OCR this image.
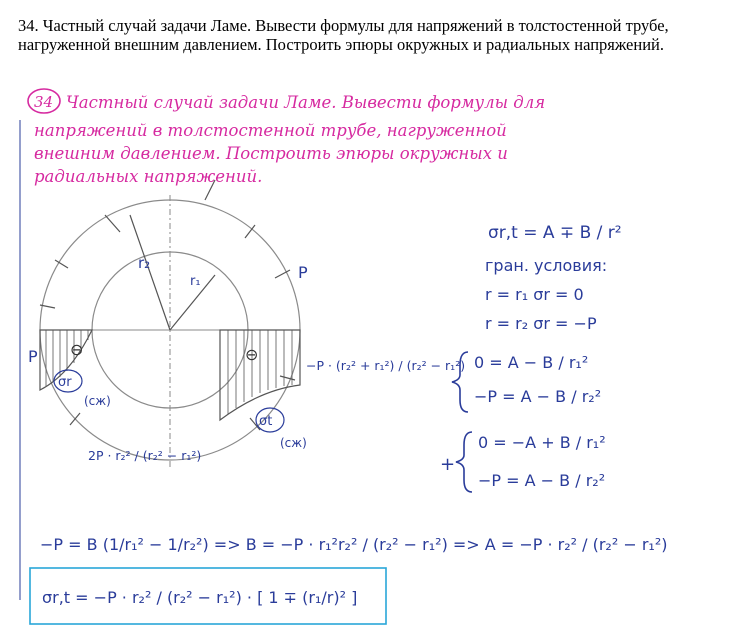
34. Частный случай задачи Ламе. Вывести формулы для напряжений в толстостенной трубе, нагруженной внешним давлением. Построить эпюры окружных и радиальных напряжений.
34 Частный случай задачи Ламе. Вывести формулы для
напряжений в толстостенной трубе, нагруженной
внешним давлением. Построить эпюры окружных и
радиальных напряжений.
r₂
r₁	P
P ⊖
σr
(сж)
⊖
σt
(сж)
−P · (r₂² + r₁²) / (r₂² − r₁²)
2P · r₂² / (r₂² − r₁²)
σr,t = A ∓ B / r²
гран. условия:
r = r₁ σr = 0
r = r₂ σr = −P
0 = A − B / r₁²
−P = A − B / r₂²
+
0 = −A + B / r₁²
−P = A − B / r₂²
−P = B (1/r₁² − 1/r₂²) => B = −P · r₁²r₂² / (r₂² − r₁²) => A = −P · r₂² / (r₂² − r₁²)
σr,t = −P · r₂² / (r₂² − r₁²) · [ 1 ∓ (r₁/r)² ]
